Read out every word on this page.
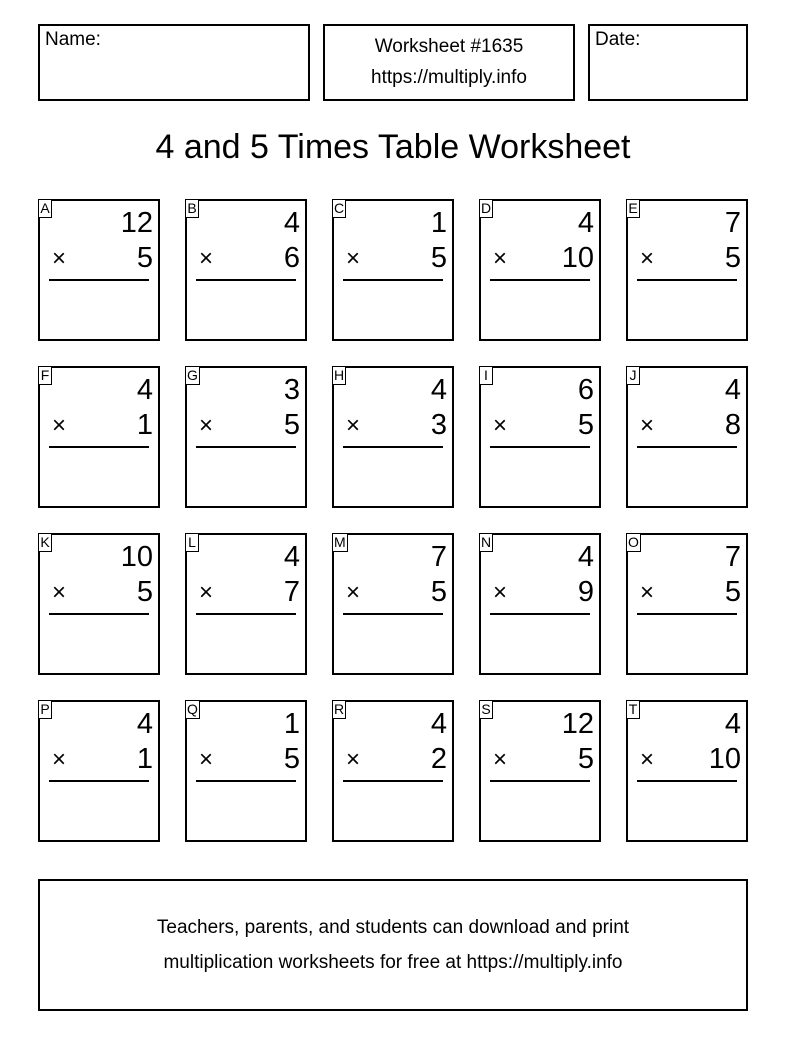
Name:	Worksheet #1635
https://multiply.info
Date:
4 and 5 Times Table Worksheet
A 12
× 5
B	4
× 6
C	1
× 5
D	4
× 10
E	7
× 5
F	4
× 1
G	3
× 5
H	4
× 3
I	6
× 5
J	4
× 8
K 10
× 5
L	4
× 7
M	7
× 5
N	4
× 9
O	7
× 5
P	4
× 1
Q	1
× 5
R	4
× 2
S 12
× 5
T	4
× 10
Teachers, parents, and students can download and print
multiplication worksheets for free at https://multiply.info
